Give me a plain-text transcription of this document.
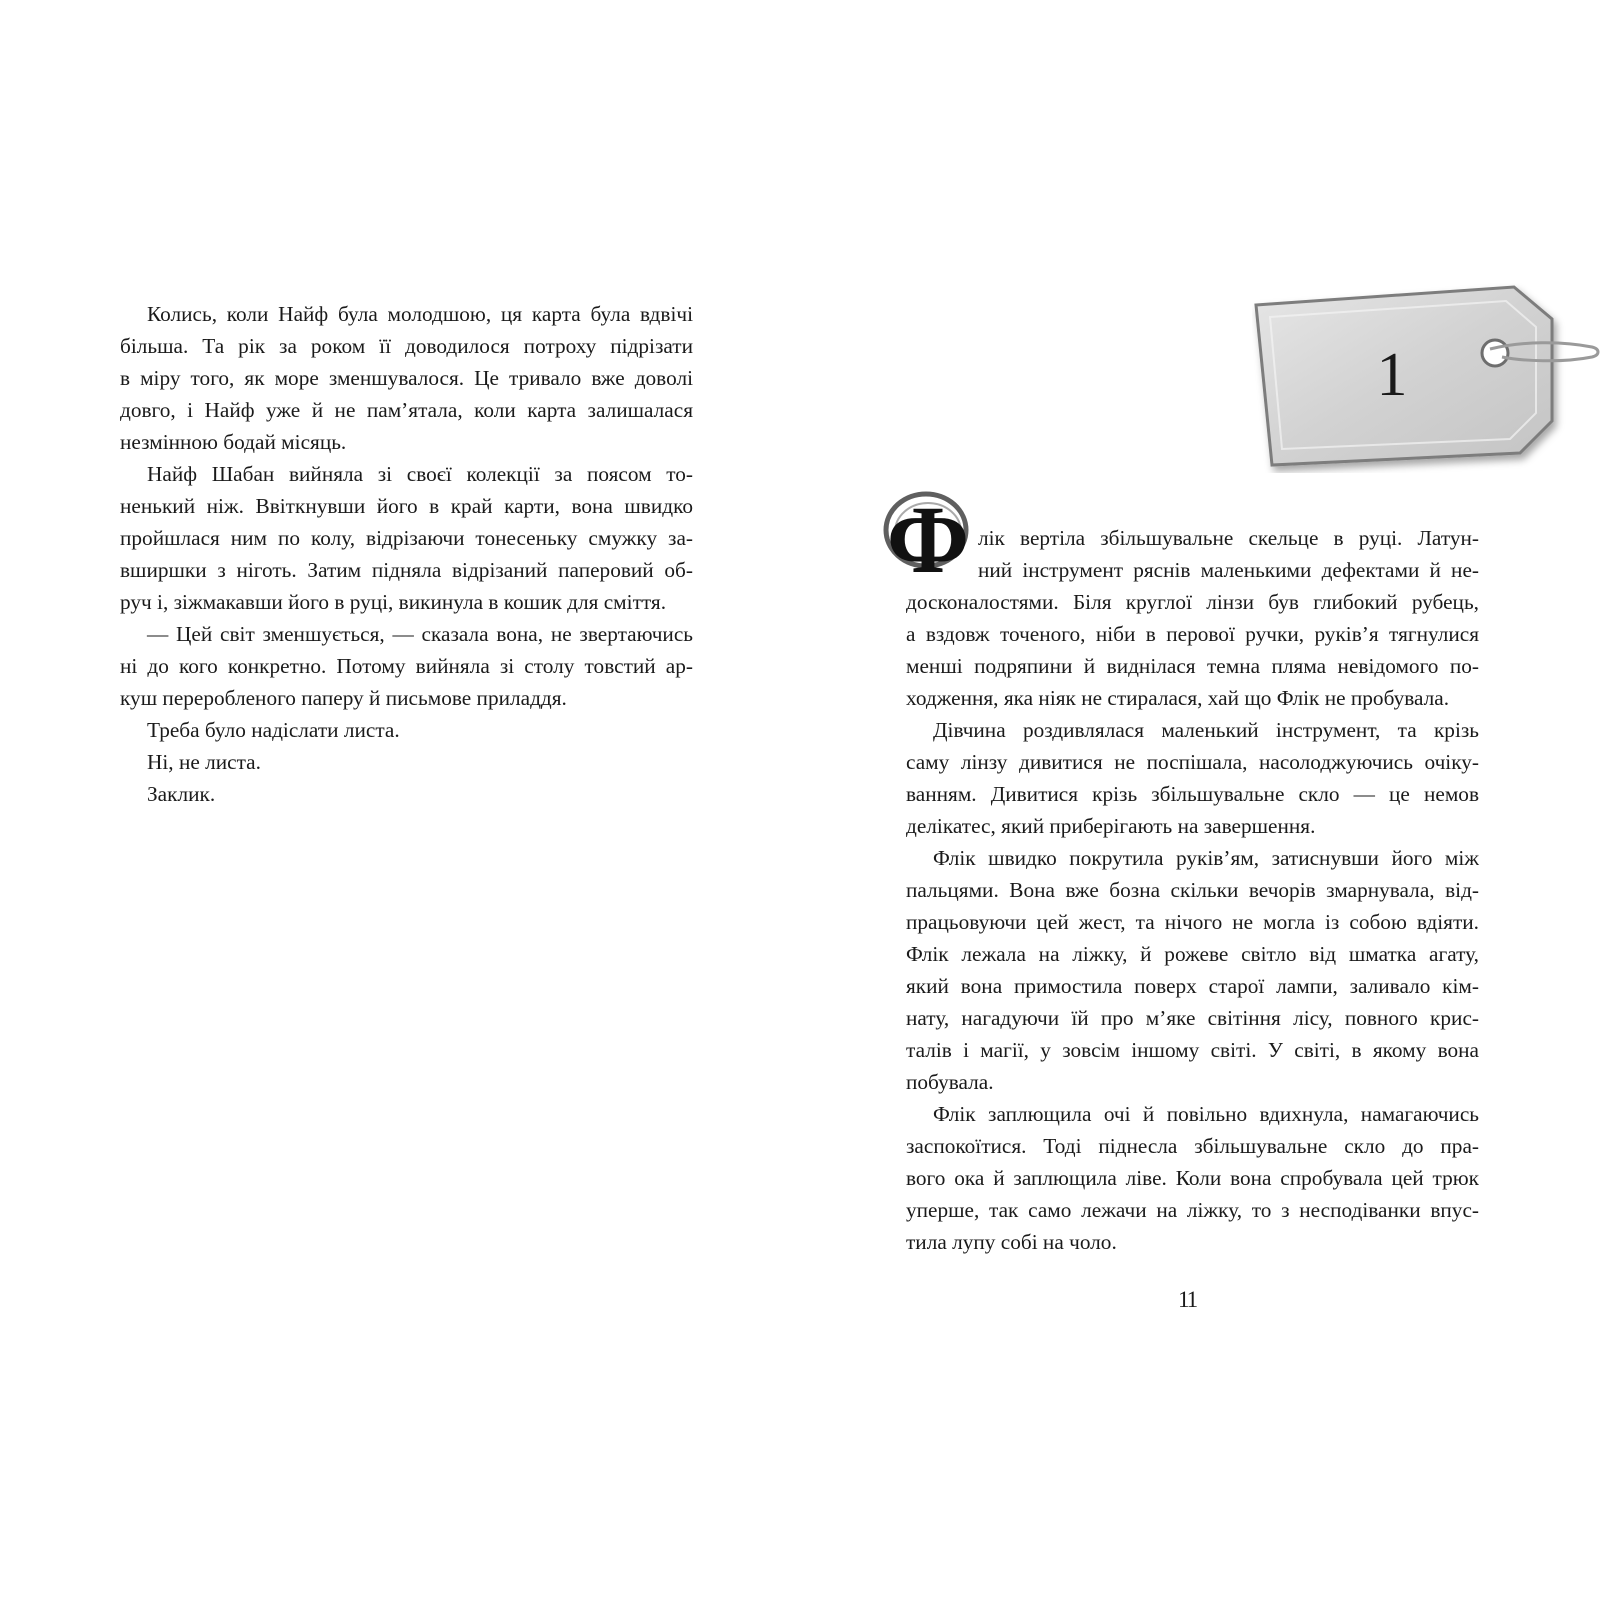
Колись, коли Найф була молодшою, ця карта була вдвічі
більша. Та рік за роком її доводилося потроху підрізати
в міру того, як море зменшувалося. Це тривало вже доволі
довго, і Найф уже й не пам’ятала, коли карта залишалася
незмінною бодай місяць.
Найф Шабан вийняла зі своєї колекції за поясом то-
ненький ніж. Ввіткнувши його в край карти, вона швидко
пройшлася ним по колу, відрізаючи тонесеньку смужку за-
вширшки з ніготь. Затим підняла відрізаний паперовий об-
руч і, зіжмакавши його в руці, викинула в кошик для сміття.
— Цей світ зменшується, — сказала вона, не звертаючись
ні до кого конкретно. Потому вийняла зі столу товстий ар-
куш переробленого паперу й письмове приладдя.
Треба було надіслати листа.
Ні, не листа.
Заклик.
1
Ф лік вертіла збільшувальне скельце в руці. Латун-
ний інструмент ряснів маленькими дефектами й не-
досконалостями. Біля круглої лінзи був глибокий рубець,
а вздовж точеного, ніби в перової ручки, руків’я тягнулися
менші подряпини й виднілася темна пляма невідомого по-
ходження, яка ніяк не стиралася, хай що Флік не пробувала.
Дівчина роздивлялася маленький інструмент, та крізь
саму лінзу дивитися не поспішала, насолоджуючись очіку-
ванням. Дивитися крізь збільшувальне скло — це немов
делікатес, який приберігають на завершення.
Флік швидко покрутила руків’ям, затиснувши його між
пальцями. Вона вже бозна скільки вечорів змарнувала, від-
працьовуючи цей жест, та нічого не могла із собою вдіяти.
Флік лежала на ліжку, й рожеве світло від шматка агату,
який вона примостила поверх старої лампи, заливало кім-
нату, нагадуючи їй про м’яке світіння лісу, повного крис-
талів і магії, у зовсім іншому світі. У світі, в якому вона
побувала.
Флік заплющила очі й повільно вдихнула, намагаючись
заспокоїтися. Тоді піднесла збільшувальне скло до пра-
вого ока й заплющила ліве. Коли вона спробувала цей трюк
уперше, так само лежачи на ліжку, то з несподіванки впус-
тила лупу собі на чоло.
11
